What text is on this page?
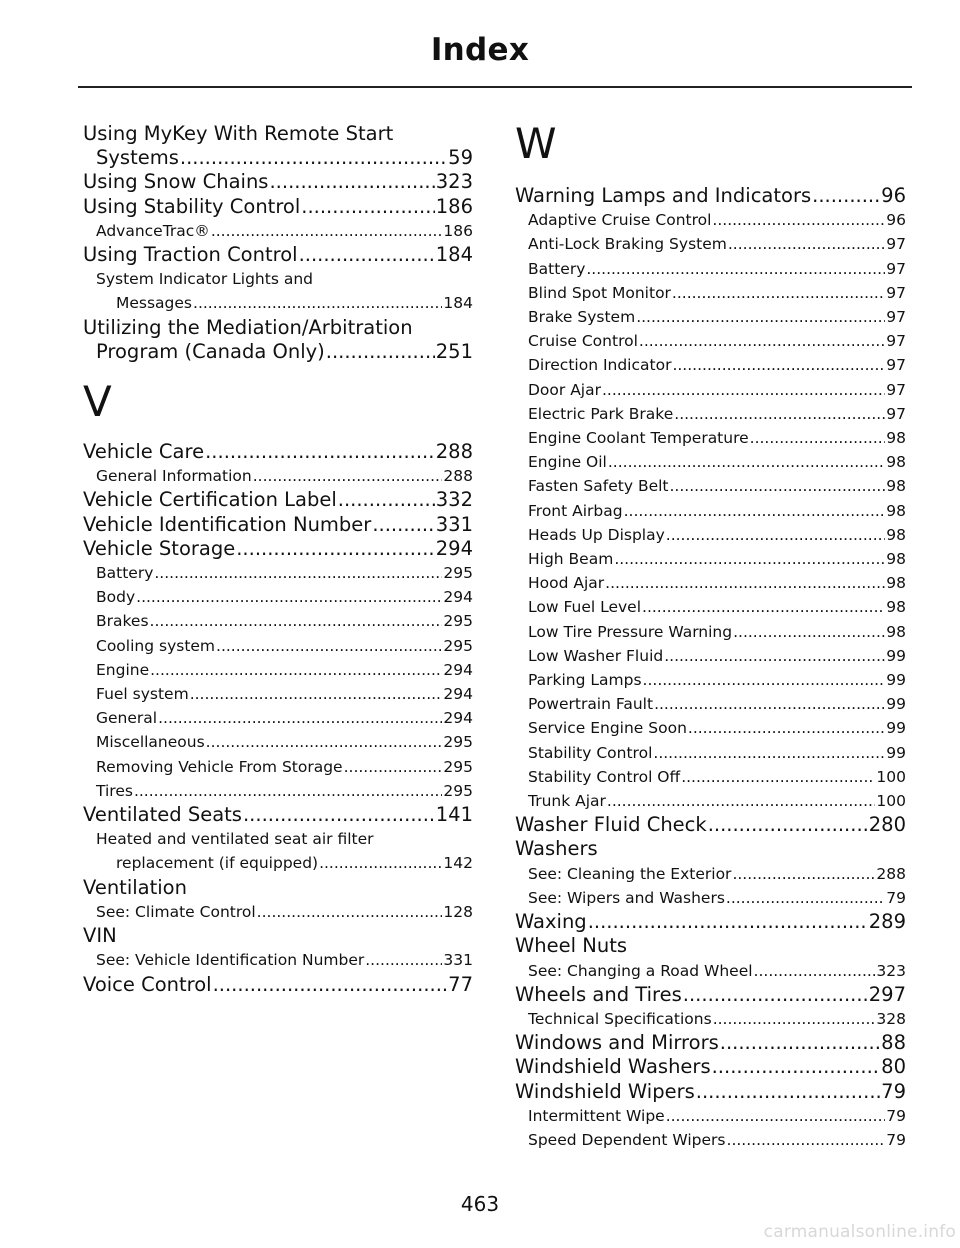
Index
Using MyKey With Remote Start
Systems .....	59
Using Snow Chains .....	323
Using Stability Control .....	186
AdvanceTrac® .....	186
Using Traction Control .....	184
System Indicator Lights and
Messages .....	184
Utilizing the Mediation/Arbitration
Program (Canada Only) .....	251
V
Vehicle Care .....	288
General Information .....	288
Vehicle Certification Label .....	332
Vehicle Identification Number .....	331
Vehicle Storage .....	294
Battery .....	295
Body .....	294
Brakes .....	295
Cooling system .....	295
Engine .....	294
Fuel system .....	294
General .....	294
Miscellaneous .....	295
Removing Vehicle From Storage .....	295
Tires .....	295
Ventilated Seats .....	141
Heated and ventilated seat air filter
replacement (if equipped) .....	142
Ventilation
See: Climate Control .....	128
VIN
See: Vehicle Identification Number .....	331
Voice Control .....	77
W
Warning Lamps and Indicators .....	96
Adaptive Cruise Control .....	96
Anti-Lock Braking System .....	97
Battery .....	97
Blind Spot Monitor .....	97
Brake System .....	97
Cruise Control .....	97
Direction Indicator .....	97
Door Ajar .....	97
Electric Park Brake .....	97
Engine Coolant Temperature .....	98
Engine Oil .....	98
Fasten Safety Belt .....	98
Front Airbag .....	98
Heads Up Display .....	98
High Beam .....	98
Hood Ajar .....	98
Low Fuel Level .....	98
Low Tire Pressure Warning .....	98
Low Washer Fluid .....	99
Parking Lamps .....	99
Powertrain Fault .....	99
Service Engine Soon .....	99
Stability Control .....	99
Stability Control Off .....	100
Trunk Ajar .....	100
Washer Fluid Check .....	280
Washers
See: Cleaning the Exterior .....	288
See: Wipers and Washers .....	79
Waxing .....	289
Wheel Nuts
See: Changing a Road Wheel .....	323
Wheels and Tires .....	297
Technical Specifications .....	328
Windows and Mirrors .....	88
Windshield Washers .....	80
Windshield Wipers .....	79
Intermittent Wipe .....	79
Speed Dependent Wipers .....	79
463
carmanualsonline.info
